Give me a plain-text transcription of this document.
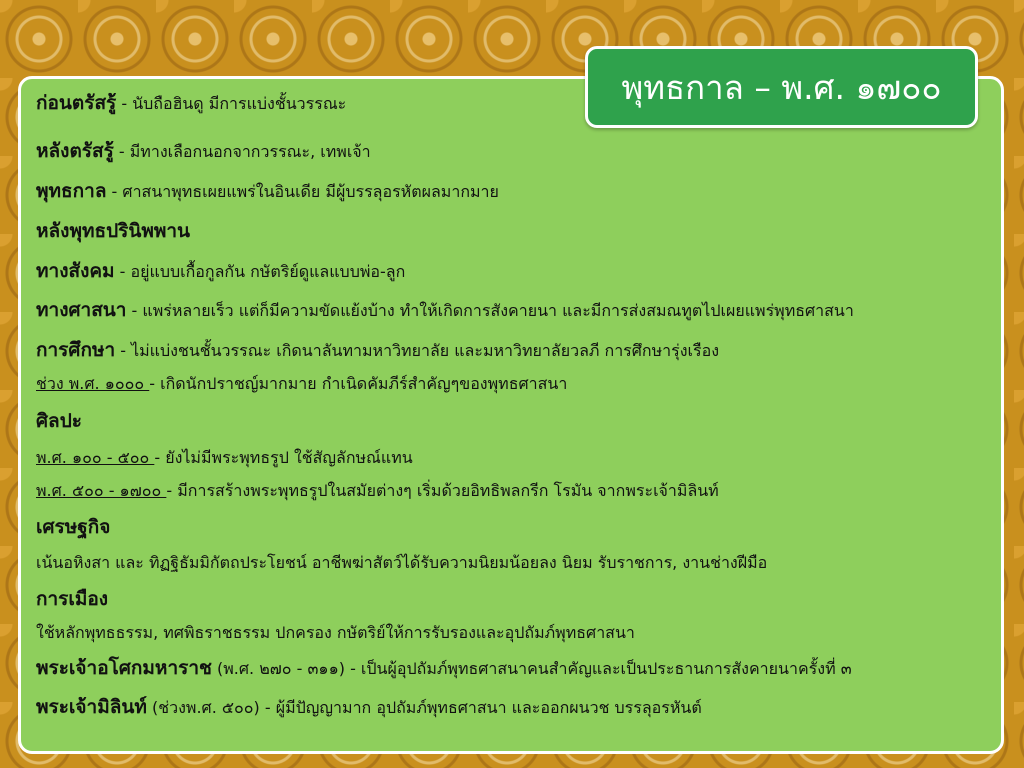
พุทธกาล – พ.ศ. ๑๗๐๐
ก่อนตรัสรู้ - นับถือฮินดู มีการแบ่งชั้นวรรณะ
หลังตรัสรู้ - มีทางเลือกนอกจากวรรณะ, เทพเจ้า
พุทธกาล - ศาสนาพุทธเผยแพร่ในอินเดีย มีผู้บรรลุอรหัตผลมากมาย
หลังพุทธปรินิพพาน
ทางสังคม - อยู่แบบเกื้อกูลกัน กษัตริย์ดูแลแบบพ่อ-ลูก
ทางศาสนา - แพร่หลายเร็ว แต่ก็มีความขัดแย้งบ้าง ทำให้เกิดการสังคายนา และมีการส่งสมณทูตไปเผยแพร่พุทธศาสนา
การศึกษา - ไม่แบ่งชนชั้นวรรณะ เกิดนาลันทามหาวิทยาลัย และมหาวิทยาลัยวลภี การศึกษารุ่งเรือง
ช่วง พ.ศ. ๑๐๐๐ - เกิดนักปราชญ์มากมาย กำเนิดคัมภีร์สำคัญๆของพุทธศาสนา
ศิลปะ
พ.ศ. ๑๐๐ - ๕๐๐ - ยังไม่มีพระพุทธรูป ใช้สัญลักษณ์แทน
พ.ศ. ๕๐๐ - ๑๗๐๐ - มีการสร้างพระพุทธรูปในสมัยต่างๆ เริ่มด้วยอิทธิพลกรีก โรมัน จากพระเจ้ามิลินท์
เศรษฐกิจ
เน้นอหิงสา และ ทิฏฐิธัมมิกัตถประโยชน์ อาชีพฆ่าสัตว์ได้รับความนิยมน้อยลง นิยม รับราชการ, งานช่างฝีมือ
การเมือง
ใช้หลักพุทธธรรม, ทศพิธราชธรรม ปกครอง กษัตริย์ให้การรับรองและอุปถัมภ์พุทธศาสนา
พระเจ้าอโศกมหาราช (พ.ศ. ๒๗๐ - ๓๑๑) - เป็นผู้อุปถัมภ์พุทธศาสนาคนสำคัญและเป็นประธานการสังคายนาครั้งที่ ๓
พระเจ้ามิลินท์ (ช่วงพ.ศ. ๕๐๐) - ผู้มีปัญญามาก อุปถัมภ์พุทธศาสนา และออกผนวช บรรลุอรหันต์
